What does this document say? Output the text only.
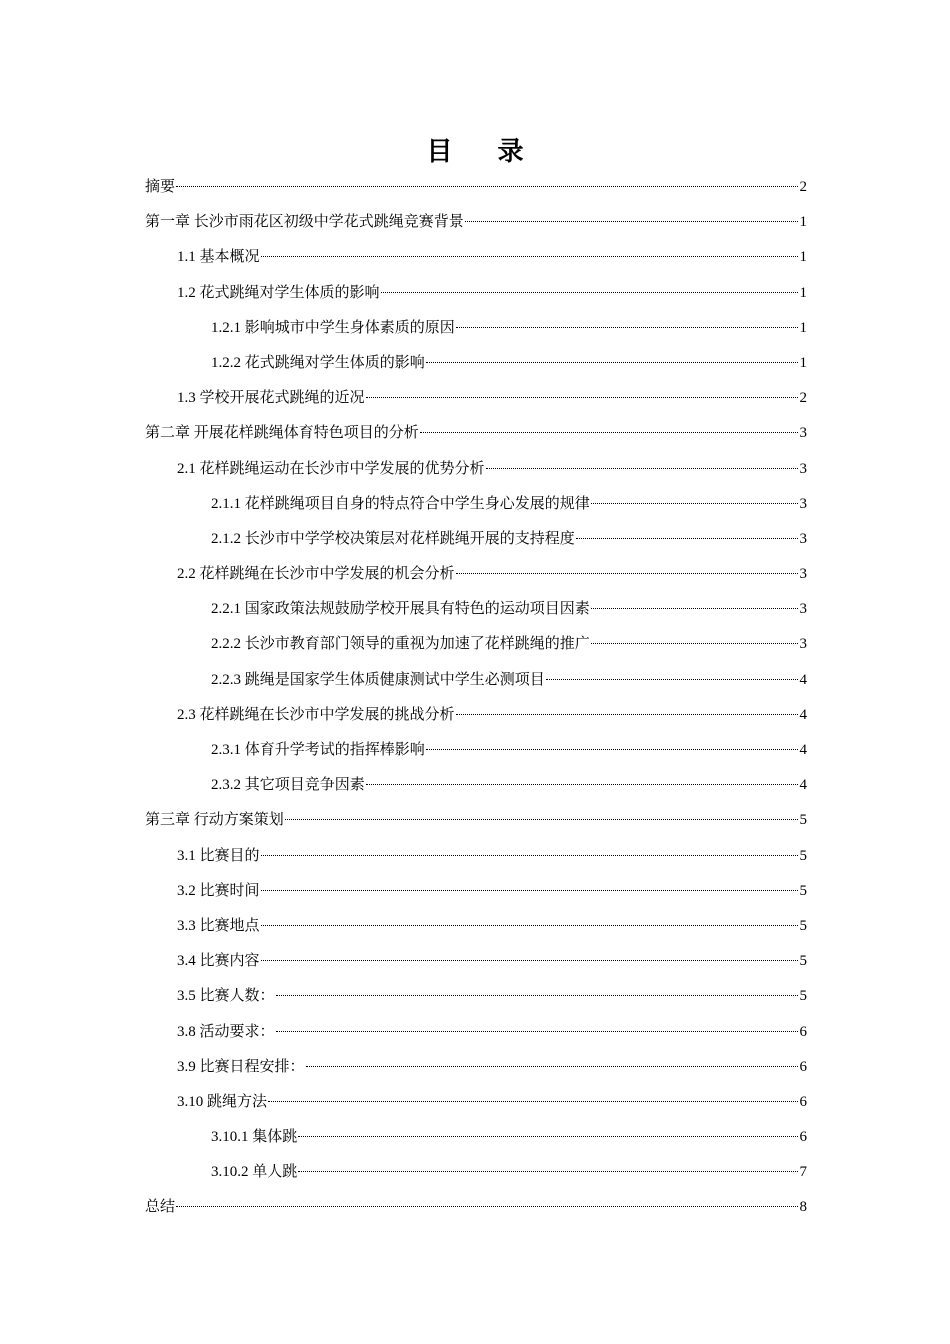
目 录
摘要	2
第一章 长沙市雨花区初级中学花式跳绳竞赛背景	1
1.1 基本概况	1
1.2 花式跳绳对学生体质的影响	1
1.2.1 影响城市中学生身体素质的原因	1
1.2.2 花式跳绳对学生体质的影响	1
1.3 学校开展花式跳绳的近况	2
第二章 开展花样跳绳体育特色项目的分析	3
2.1 花样跳绳运动在长沙市中学发展的优势分析	3
2.1.1 花样跳绳项目自身的特点符合中学生身心发展的规律	3
2.1.2 长沙市中学学校决策层对花样跳绳开展的支持程度	3
2.2 花样跳绳在长沙市中学发展的机会分析	3
2.2.1 国家政策法规鼓励学校开展具有特色的运动项目因素	3
2.2.2 长沙市教育部门领导的重视为加速了花样跳绳的推广	3
2.2.3 跳绳是国家学生体质健康测试中学生必测项目	4
2.3 花样跳绳在长沙市中学发展的挑战分析	4
2.3.1 体育升学考试的指挥棒影响	4
2.3.2 其它项目竞争因素	4
第三章 行动方案策划	5
3.1 比赛目的	5
3.2 比赛时间	5
3.3 比赛地点	5
3.4 比赛内容	5
3.5 比赛人数：	5
3.8 活动要求：	6
3.9 比赛日程安排：	6
3.10 跳绳方法	6
3.10.1 集体跳	6
3.10.2 单人跳	7
总结	8
